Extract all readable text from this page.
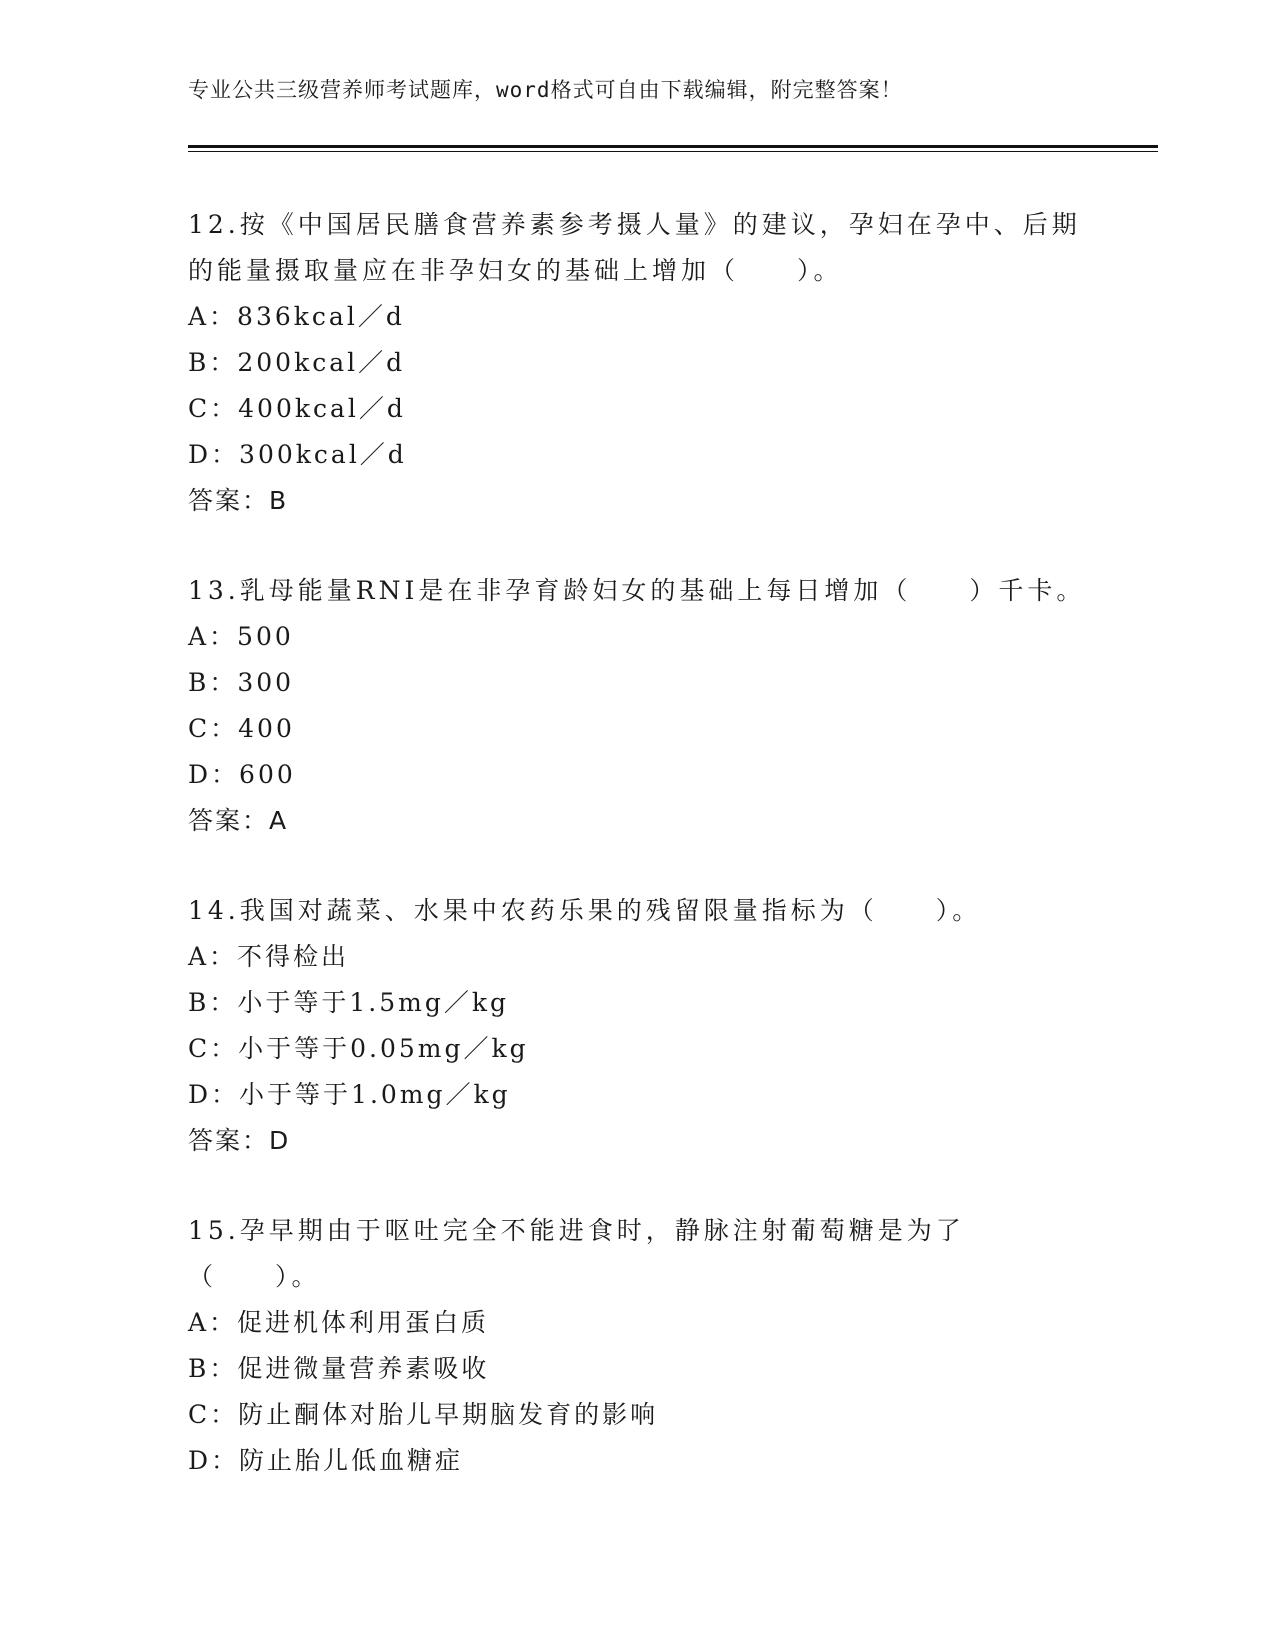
专业公共三级营养师考试题库，word格式可自由下载编辑，附完整答案！
12.按《中国居民膳食营养素参考摄人量》的建议，孕妇在孕中、后期的能量摄取量应在非孕妇女的基础上增加（　　）。
A：836kcal／d
B：200kcal／d
C：400kcal／d
D：300kcal／d
答案：B
13.乳母能量RNI是在非孕育龄妇女的基础上每日增加（　　）千卡。
A：500
B：300
C：400
D：600
答案：A
14.我国对蔬菜、水果中农药乐果的残留限量指标为（　　）。
A：不得检出
B：小于等于1.5mg／kg
C：小于等于0.05mg／kg
D：小于等于1.0mg／kg
答案：D
15.孕早期由于呕吐完全不能进食时，静脉注射葡萄糖是为了（　　）。
A：促进机体利用蛋白质
B：促进微量营养素吸收
C：防止酮体对胎儿早期脑发育的影响
D：防止胎儿低血糖症
